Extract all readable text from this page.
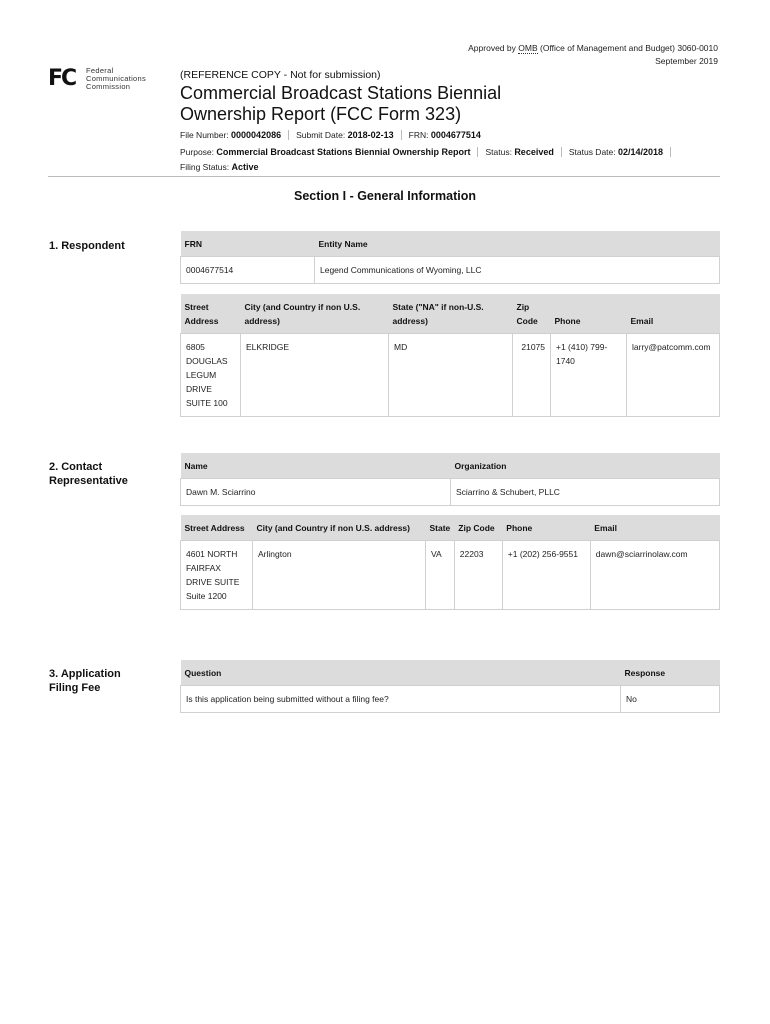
Approved by OMB (Office of Management and Budget) 3060-0010
September 2019
FC Federal
Communications
Commission
(REFERENCE COPY - Not for submission)
Commercial Broadcast Stations Biennial Ownership Report (FCC Form 323)
File Number: 0000042086 Submit Date: 2018-02-13 FRN: 0004677514
Purpose: Commercial Broadcast Stations Biennial Ownership Report Status: Received Status Date: 02/14/2018
Filing Status: Active
Section I - General Information
1. Respondent	FRN	Entity Name
0004677514	Legend Communications of Wyoming, LLC
Street Address	City (and Country if non U.S. address)	State ("NA" if non-U.S. address)	Zip Code	Phone	Email
6805 DOUGLAS LEGUM DRIVE SUITE 100	ELKRIDGE	MD	21075	+1 (410) 799-1740	larry@patcomm.com
2. Contact
Representative
Name	Organization
Dawn M. Sciarrino	Sciarrino & Schubert, PLLC
Street Address	City (and Country if non U.S. address)	State	Zip Code	Phone	Email
4601 NORTH FAIRFAX DRIVE SUITE Suite 1200	Arlington	VA	22203	+1 (202) 256-9551	dawn@sciarrinolaw.com
3. Application
Filing Fee
Question	Response
Is this application being submitted without a filing fee?	No
